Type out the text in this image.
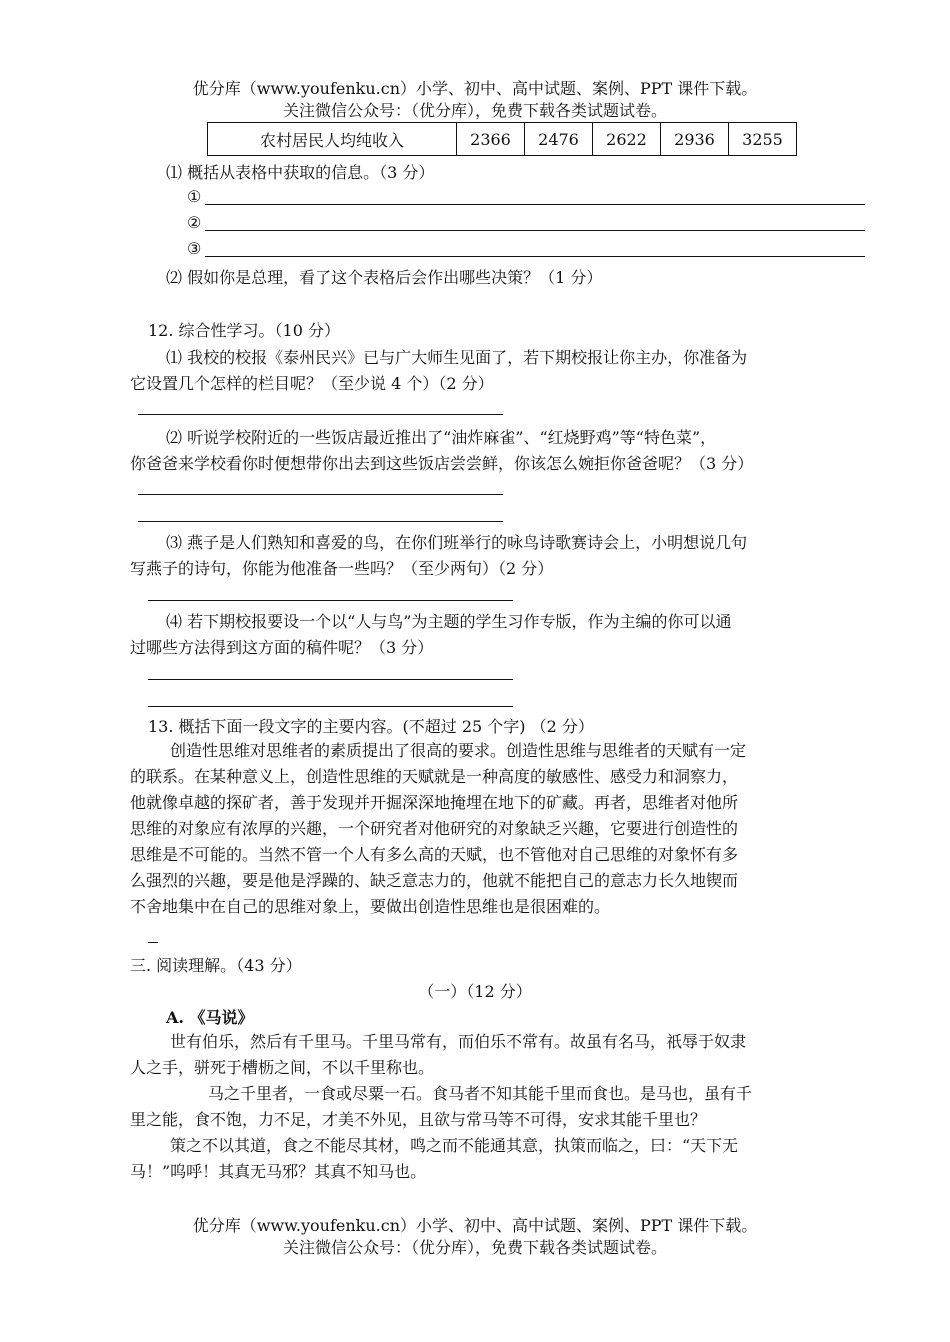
优分库（www.youfenku.cn）小学、初中、高中试题、案例、PPT 课件下载。
关注微信公众号：（优分库），免费下载各类试题试卷。
农村居民人均纯收入	2366	2476	2622	2936	3255
⑴ 概括从表格中获取的信息。（3 分）
①
②
③
⑵ 假如你是总理，看了这个表格后会作出哪些决策？（1 分）
12. 综合性学习。（10 分）
⑴ 我校的校报《泰州民兴》已与广大师生见面了，若下期校报让你主办，你准备为
它设置几个怎样的栏目呢？（至少说 4 个）（2 分）
⑵ 听说学校附近的一些饭店最近推出了“油炸麻雀”、“红烧野鸡”等“特色菜”，
你爸爸来学校看你时便想带你出去到这些饭店尝尝鲜，你该怎么婉拒你爸爸呢？（3 分）
⑶ 燕子是人们熟知和喜爱的鸟，在你们班举行的咏鸟诗歌赛诗会上，小明想说几句
写燕子的诗句，你能为他准备一些吗？（至少两句）（2 分）
⑷ 若下期校报要设一个以“人与鸟”为主题的学生习作专版，作为主编的你可以通
过哪些方法得到这方面的稿件呢？（3 分）
13. 概括下面一段文字的主要内容。(不超过 25 个字) （2 分）

创造性思维对思维者的素质提出了很高的要求。创造性思维与思维者的天赋有一定

的联系。在某种意义上，创造性思维的天赋就是一种高度的敏感性、感受力和洞察力，

他就像卓越的探矿者，善于发现并开掘深深地掩埋在地下的矿藏。再者，思维者对他所

思维的对象应有浓厚的兴趣，一个研究者对他研究的对象缺乏兴趣，它要进行创造性的

思维是不可能的。当然不管一个人有多么高的天赋，也不管他对自己思维的对象怀有多

么强烈的兴趣，要是他是浮躁的、缺乏意志力的，他就不能把自己的意志力长久地锲而

不舍地集中在自己的思维对象上，要做出创造性思维也是很困难的。

三. 阅读理解。（43 分）
（一）（12 分）
A. 《马说》

世有伯乐，然后有千里马。千里马常有，而伯乐不常有。故虽有名马，祇辱于奴隶

人之手，骈死于槽枥之间，不以千里称也。

马之千里者，一食或尽粟一石。食马者不知其能千里而食也。是马也，虽有千

里之能，食不饱，力不足，才美不外见，且欲与常马等不可得，安求其能千里也？

策之不以其道，食之不能尽其材，鸣之而不能通其意，执策而临之，曰：“天下无

马！”呜呼！其真无马邪？其真不知马也。

优分库（www.youfenku.cn）小学、初中、高中试题、案例、PPT 课件下载。
关注微信公众号：（优分库），免费下载各类试题试卷。
